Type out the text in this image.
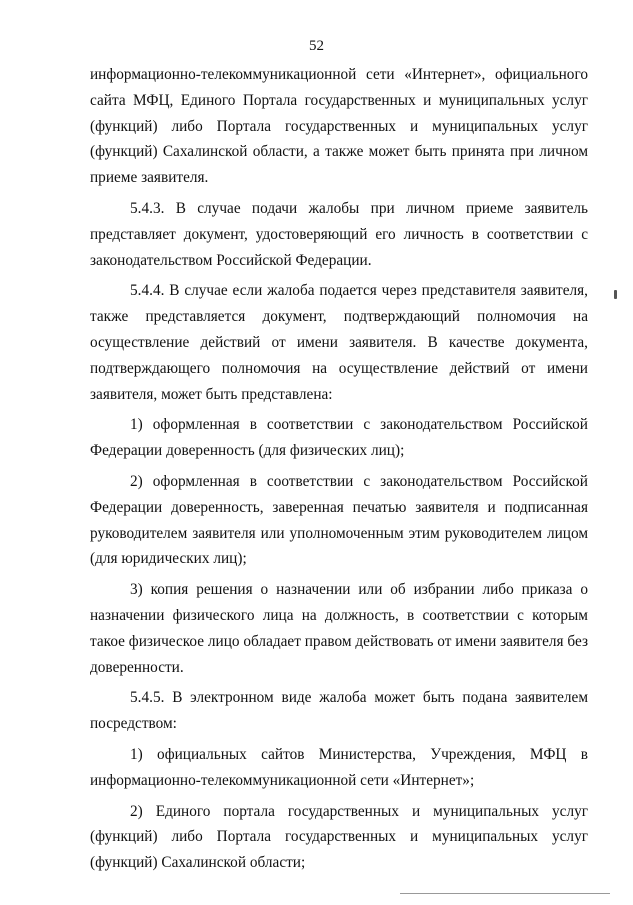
52

информационно-телекоммуникационной сети «Интернет», официального сайта МФЦ, Единого Портала государственных и муниципальных услуг (функций) либо Портала государственных и муниципальных услуг (функций) Сахалинской области, а также может быть принята при личном приеме заявителя.

5.4.3. В случае подачи жалобы при личном приеме заявитель представляет документ, удостоверяющий его личность в соответствии с законодательством Российской Федерации.

5.4.4. В случае если жалоба подается через представителя заявителя, также представляется документ, подтверждающий полномочия на осуществление действий от имени заявителя. В качестве документа, подтверждающего полномочия на осуществление действий от имени заявителя, может быть представлена:

1) оформленная в соответствии с законодательством Российской Федерации доверенность (для физических лиц);

2) оформленная в соответствии с законодательством Российской Федерации доверенность, заверенная печатью заявителя и подписанная руководителем заявителя или уполномоченным этим руководителем лицом (для юридических лиц);

3) копия решения о назначении или об избрании либо приказа о назначении физического лица на должность, в соответствии с которым такое физическое лицо обладает правом действовать от имени заявителя без доверенности.

5.4.5. В электронном виде жалоба может быть подана заявителем посредством:

1) официальных сайтов Министерства, Учреждения, МФЦ в информационно-телекоммуникационной сети «Интернет»;

2) Единого портала государственных и муниципальных услуг (функций) либо Портала государственных и муниципальных услуг (функций) Сахалинской области;
